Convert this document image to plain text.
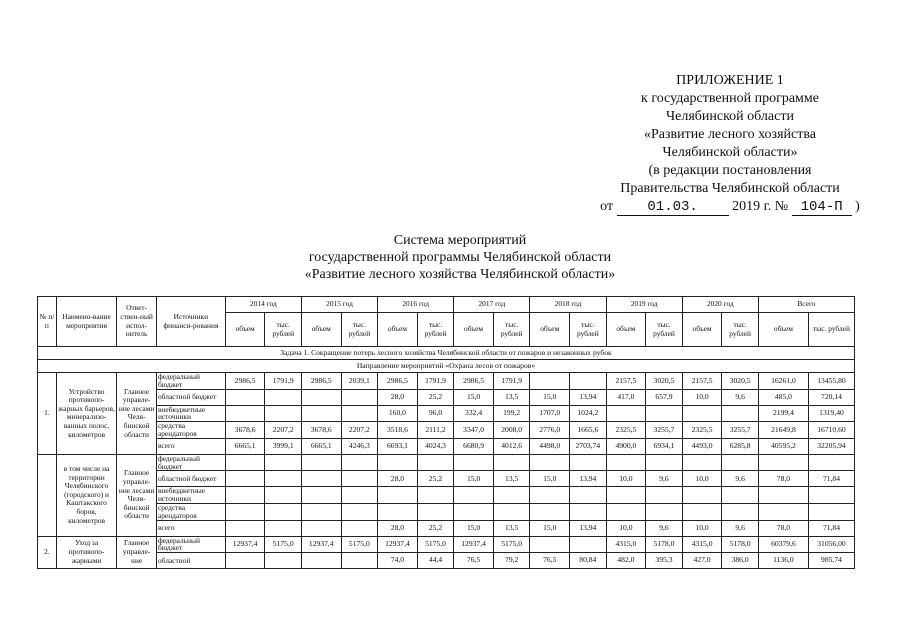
ПРИЛОЖЕНИЕ 1
к государственной программе
Челябинской области
«Развитие лесного хозяйства
Челябинской области»
(в редакции постановления
Правительства Челябинской области
от 01.03. 2019 г. № 104-П )
Система мероприятий
государственной программы Челябинской области
«Развитие лесного хозяйства Челябинской области»
№ п/п	Наимено-вание мероприятия	Ответ-ствен-ный испол-нитель	Источники финанси-рования	2014 год		2015 год		2016 год		2017 год		2018 год		2019 год		2020 год		Всего	
				объем	тыс. рублей	объем	тыс. рублей	объем	тыс. рублей	объем	тыс. рублей	объем	тыс. рублей	объем	тыс. рублей	объем	тыс. рублей	объем	тыс. рублей
Задача 1. Сокращение потерь лесного хозяйства Челябинской области от пожаров и незаконных рубок																			
Направление мероприятий «Охрана лесов от пожаров»																			
1.	Устройство противопо-жарных барьеров, минерализо-ванных полос, километров	Главное управле-ние лесами Челя-бинской области	федеральный бюджет	2986,5	1791,9	2986,5	2039,1	2986,5	1791,9	2986,5	1791,9			2157,5	3020,5	2157,5	3020,5	16261,0	13455,80
			областной бюджет					28,0	25,2	15,0	13,5	15,0	13,94	417,0	657,9	10,0	9,6	485,0	720,14
			внебюджетные источники					160,0	96,0	332,4	199,2	1707,0	1024,2					2199,4	1319,40
			средства арендаторов	3678,6	2207,2	3678,6	2207,2	3518,6	2111,2	3347,0	2008,0	2776,0	1665,6	2325,5	3255,7	2325,5	3255,7	21649,8	16710,60
			всего	6665,1	3999,1	6665,1	4246,3	6693,1	4024,3	6680,9	4012,6	4498,0	2703,74	4900,0	6934,1	4493,0	6285,8	40595,2	32205,94
	в том числе на территории Челябинского (городского) и Каштакского боров, километров	Главное управле-ние лесами Челя-бинской области	федеральный бюджет																
			областной бюджет					28,0	25,2	15,0	13,5	15,0	13,94	10,0	9,6	10,0	9,6	78,0	71,84
			внебюджетные источники																
			средства арендаторов																
			всего					28,0	25,2	15,0	13,5	15,0	13,94	10,0	9,6	10,0	9,6	78,0	71,84
2.	Уход за противопо-жарными	Главное управле-ние	федеральный бюджет	12937,4	5175,0	12937,4	5175,0	12937,4	5175,0	12937,4	5175,0			4315,0	5178,0	4315,0	5178,0	60379,6	31056,00
			областной					74,0	44,4	76,5	79,2	76,5	80,84	482,0	395,3	427,0	386,0	1136,0	985,74
